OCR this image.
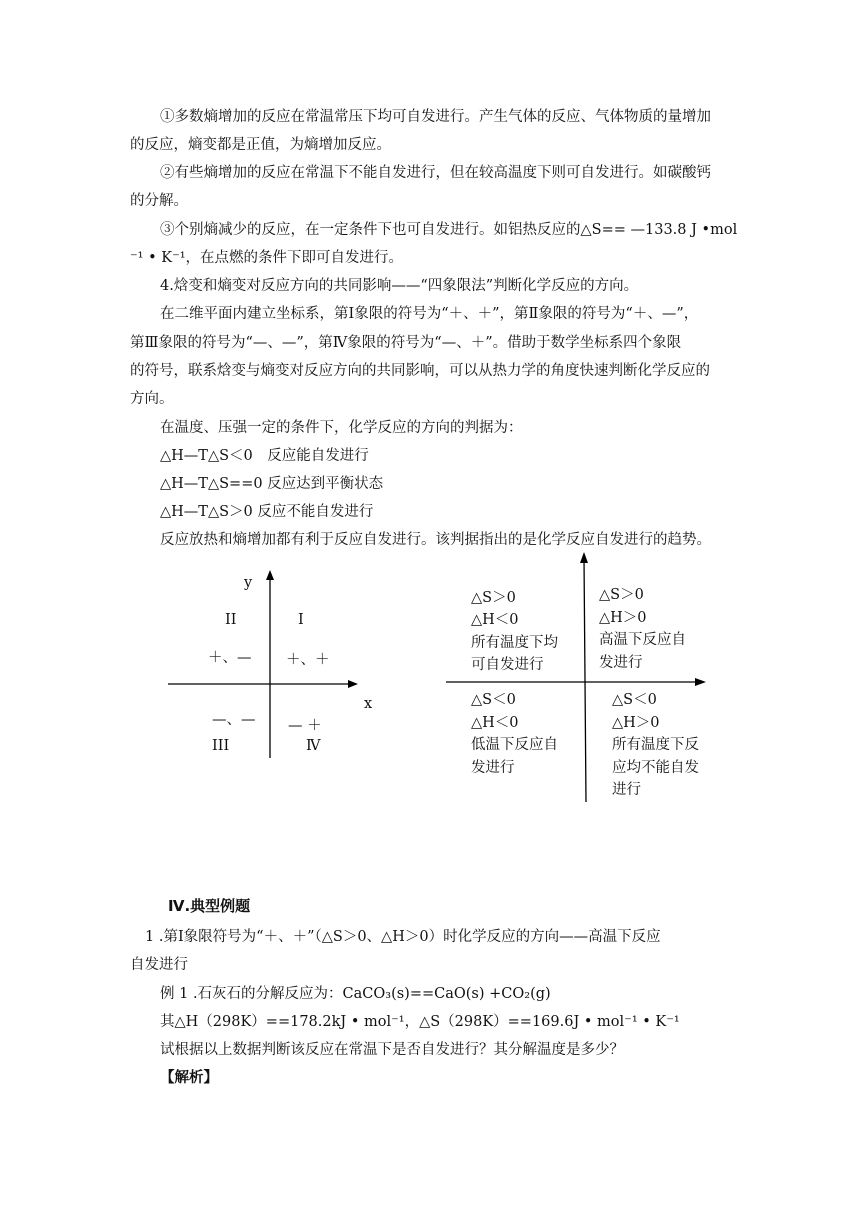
①多数熵增加的反应在常温常压下均可自发进行。产生气体的反应、气体物质的量增加
的反应，熵变都是正值，为熵增加反应。
②有些熵增加的反应在常温下不能自发进行，但在较高温度下则可自发进行。如碳酸钙
的分解。
③个别熵减少的反应，在一定条件下也可自发进行。如铝热反应的△S== —133.8 J •mol
⁻¹ • K⁻¹，在点燃的条件下即可自发进行。
4.焓变和熵变对反应方向的共同影响——“四象限法”判断化学反应的方向。
在二维平面内建立坐标系，第Ⅰ象限的符号为“＋、＋”，第Ⅱ象限的符号为“＋、—”，
第Ⅲ象限的符号为“—、—”，第Ⅳ象限的符号为“—、＋”。借助于数学坐标系四个象限
的符号，联系焓变与熵变对反应方向的共同影响，可以从热力学的角度快速判断化学反应的
方向。
在温度、压强一定的条件下，化学反应的方向的判据为：
△H—T△S＜0　反应能自发进行
△H—T△S==0 反应达到平衡状态
△H—T△S＞0 反应不能自发进行
反应放热和熵增加都有利于反应自发进行。该判据指出的是化学反应自发进行的趋势。
y
x
II	I
＋、— ＋、＋
—、— — ＋
III	Ⅳ
△S＞0
△H＜0
所有温度下均
可自发进行
△S＞0
△H＞0
高温下反应自
发进行
△S＜0
△H＜0
低温下反应自
发进行
△S＜0
△H＞0
所有温度下反
应均不能自发
进行
Ⅳ.典型例题
1 .第Ⅰ象限符号为“＋、＋”（△S＞0、△H＞0）时化学反应的方向——高温下反应
自发进行
例 1 .石灰石的分解反应为：CaCO₃(s)==CaO(s) +CO₂(g)
其△H（298K）==178.2kJ • mol⁻¹，△S（298K）==169.6J • mol⁻¹ • K⁻¹
试根据以上数据判断该反应在常温下是否自发进行？其分解温度是多少？
【解析】
